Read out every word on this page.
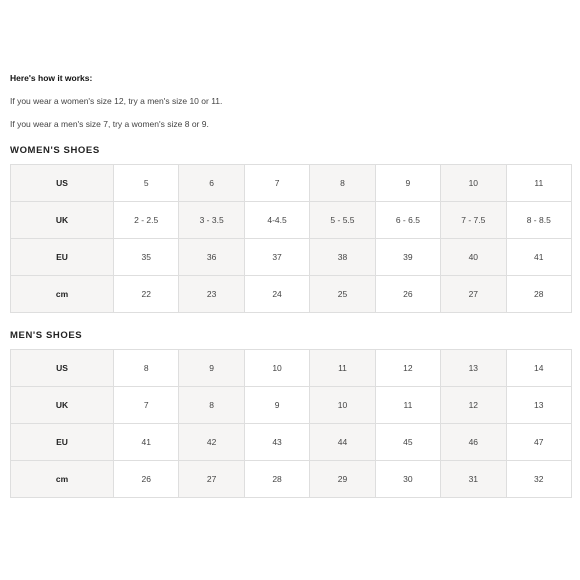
Here's how it works:
If you wear a women's size 12, try a men's size 10 or 11.
If you wear a men's size 7, try a women's size 8 or 9.
WOMEN'S SHOES
US	5	6	7	8	9	10	11
UK	2 - 2.5	3 - 3.5	4-4.5	5 - 5.5	6 - 6.5	7 - 7.5	8 - 8.5
EU	35	36	37	38	39	40	41
cm	22	23	24	25	26	27	28
MEN'S SHOES
US	8	9	10	11	12	13	14
UK	7	8	9	10	11	12	13
EU	41	42	43	44	45	46	47
cm	26	27	28	29	30	31	32
